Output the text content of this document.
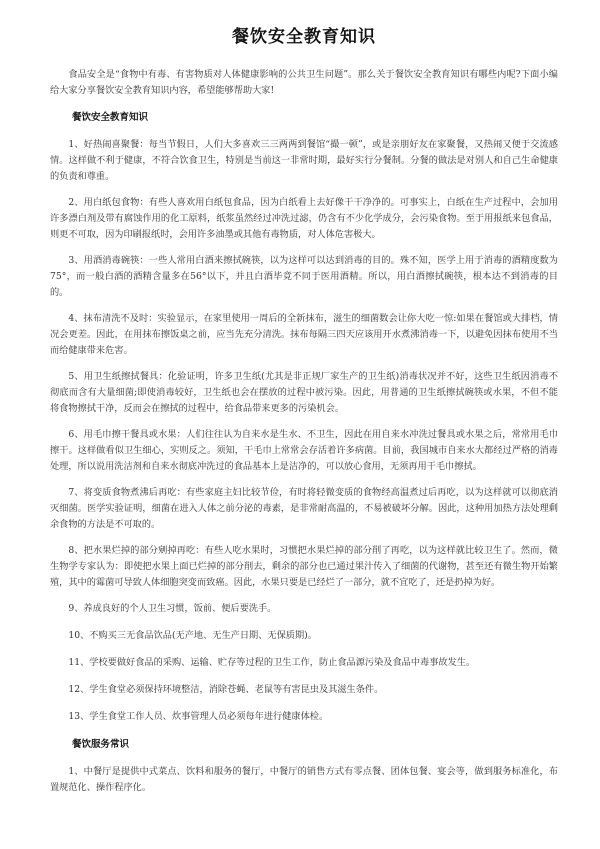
餐饮安全教育知识

食品安全是“食物中有毒、有害物质对人体健康影响的公共卫生问题”。那么关于餐饮安全教育知识有哪些内呢?下面小编给大家分享餐饮安全教育知识内容，希望能够帮助大家!

餐饮安全教育知识

1、好热闹喜聚餐：每当节假日，人们大多喜欢三三两两到餐馆“撮一顿”，或是亲朋好友在家聚餐，又热闹又便于交流感情。这样做不利于健康，不符合饮食卫生，特别是当前这一非常时期，最好实行分餐制。分餐的做法是对别人和自己生命健康的负责和尊重。

2、用白纸包食物：有些人喜欢用白纸包食品，因为白纸看上去好像干干净净的。可事实上，白纸在生产过程中，会加用许多漂白剂及带有腐蚀作用的化工原料，纸浆虽然经过冲洗过滤，仍含有不少化学成分，会污染食物。至于用报纸来包食品，则更不可取，因为印刷报纸时，会用许多油墨或其他有毒物质，对人体危害极大。

3、用酒消毒碗筷：一些人常用白酒来擦拭碗筷，以为这样可以达到消毒的目的。殊不知，医学上用于消毒的酒精度数为75°，而一般白酒的酒精含量多在56°以下，并且白酒毕竟不同于医用酒精。所以，用白酒擦拭碗筷，根本达不到消毒的目的。

4、抹布清洗不及时：实验显示，在家里使用一周后的全新抹布，滋生的细菌数会让你大吃一惊:如果在餐馆或大排档，情况会更差。因此，在用抹布擦饭桌之前，应当先充分清洗。抹布每隔三四天应该用开水煮沸消毒一下，以避免因抹布使用不当而给健康带来危害。

5、用卫生纸擦拭餐具：化验证明，许多卫生纸(尤其是非正规厂家生产的卫生纸)消毒状况并不好，这些卫生纸因消毒不彻底而含有大量细菌;即使消毒较好，卫生纸也会在摆放的过程中被污染。因此，用普通的卫生纸擦拭碗筷或水果，不但不能将食物擦拭干净，反而会在擦拭的过程中，给食品带来更多的污染机会。

6、用毛巾擦干餐具或水果：人们往往认为自来水是生水、不卫生，因此在用自来水冲洗过餐具或水果之后，常常用毛巾擦干。这样做看似卫生细心，实则反之。须知，干毛巾上常常会存活着许多病菌。目前，我国城市自来水大都经过严格的消毒处理，所以说用洗洁剂和自来水彻底冲洗过的食品基本上是洁净的，可以放心食用，无须再用干毛巾擦拭。

7、将变质食物煮沸后再吃：有些家庭主妇比较节俭，有时将轻微变质的食物经高温煮过后再吃，以为这样就可以彻底消灭细菌。医学实验证明，细菌在进入人体之前分泌的毒素，是非常耐高温的，不易被破坏分解。因此，这种用加热方法处理剩余食物的方法是不可取的。

8、把水果烂掉的部分剜掉再吃：有些人吃水果时，习惯把水果烂掉的部分削了再吃，以为这样就比较卫生了。然而，微生物学专家认为：即使把水果上面已烂掉的部分削去，剩余的部分也已通过果汁传入了细菌的代谢物，甚至还有微生物开始繁殖，其中的霉菌可导致人体细胞突变而致癌。因此，水果只要是已经烂了一部分，就不宜吃了，还是扔掉为好。

9、养成良好的个人卫生习惯，饭前、便后要洗手。

10、不购买三无食品饮品(无产地、无生产日期、无保质期)。

11、学校要做好食品的采购、运输、贮存等过程的卫生工作，防止食品源污染及食品中毒事故发生。

12、学生食堂必须保持环境整洁，消除苍蝇、老鼠等有害昆虫及其滋生条件。

13、学生食堂工作人员、炊事管理人员必须每年进行健康体检。

餐饮服务常识

1、中餐厅是提供中式菜点、饮料和服务的餐厅，中餐厅的销售方式有零点餐、团体包餐、宴会等，做到服务标准化，布置规范化、操作程序化。
